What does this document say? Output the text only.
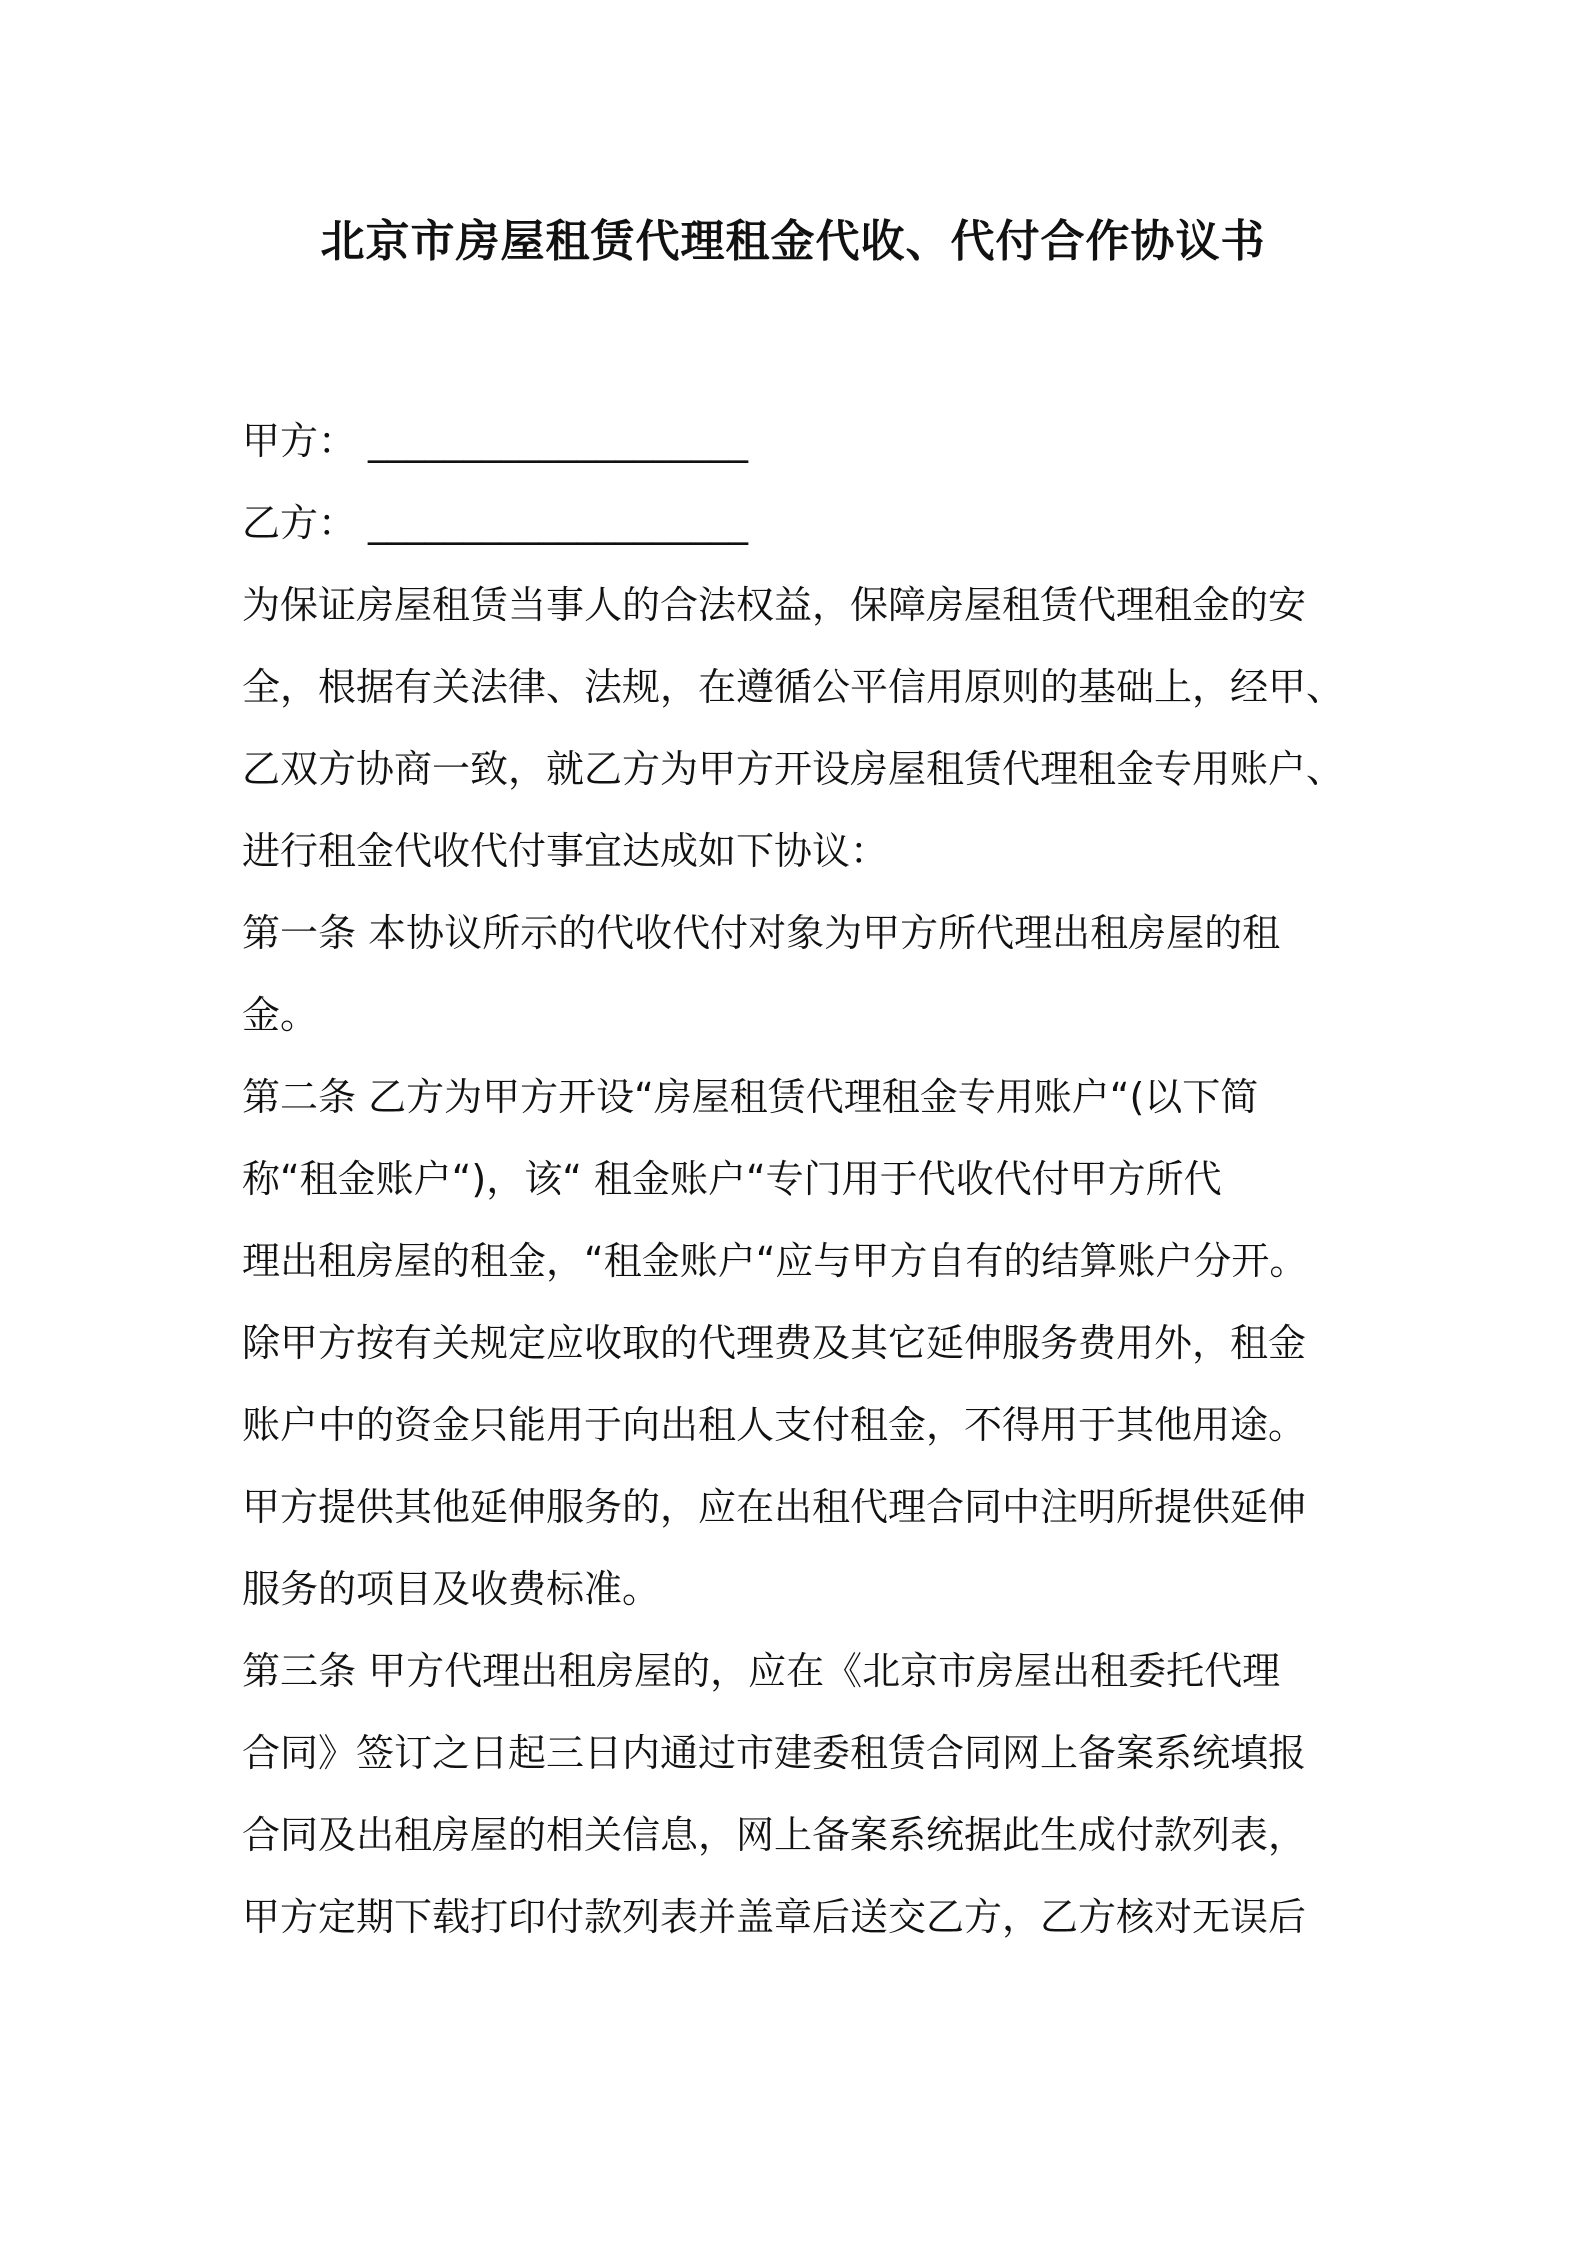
北京市房屋租赁代理租金代收、代付合作协议书
甲方： ____________________
乙方： ____________________
为保证房屋租赁当事人的合法权益，保障房屋租赁代理租金的安
全，根据有关法律、法规，在遵循公平信用原则的基础上，经甲、
乙双方协商一致，就乙方为甲方开设房屋租赁代理租金专用账户、
进行租金代收代付事宜达成如下协议：
第一条 本协议所示的代收代付对象为甲方所代理出租房屋的租
金。
第二条 乙方为甲方开设“房屋租赁代理租金专用账户“(以下简
称“租金账户“)，该“ 租金账户“专门用于代收代付甲方所代
理出租房屋的租金，“租金账户“应与甲方自有的结算账户分开。
除甲方按有关规定应收取的代理费及其它延伸服务费用外，租金
账户中的资金只能用于向出租人支付租金，不得用于其他用途。
甲方提供其他延伸服务的，应在出租代理合同中注明所提供延伸
服务的项目及收费标准。
第三条 甲方代理出租房屋的，应在《北京市房屋出租委托代理
合同》签订之日起三日内通过市建委租赁合同网上备案系统填报
合同及出租房屋的相关信息，网上备案系统据此生成付款列表，
甲方定期下载打印付款列表并盖章后送交乙方，乙方核对无误后
